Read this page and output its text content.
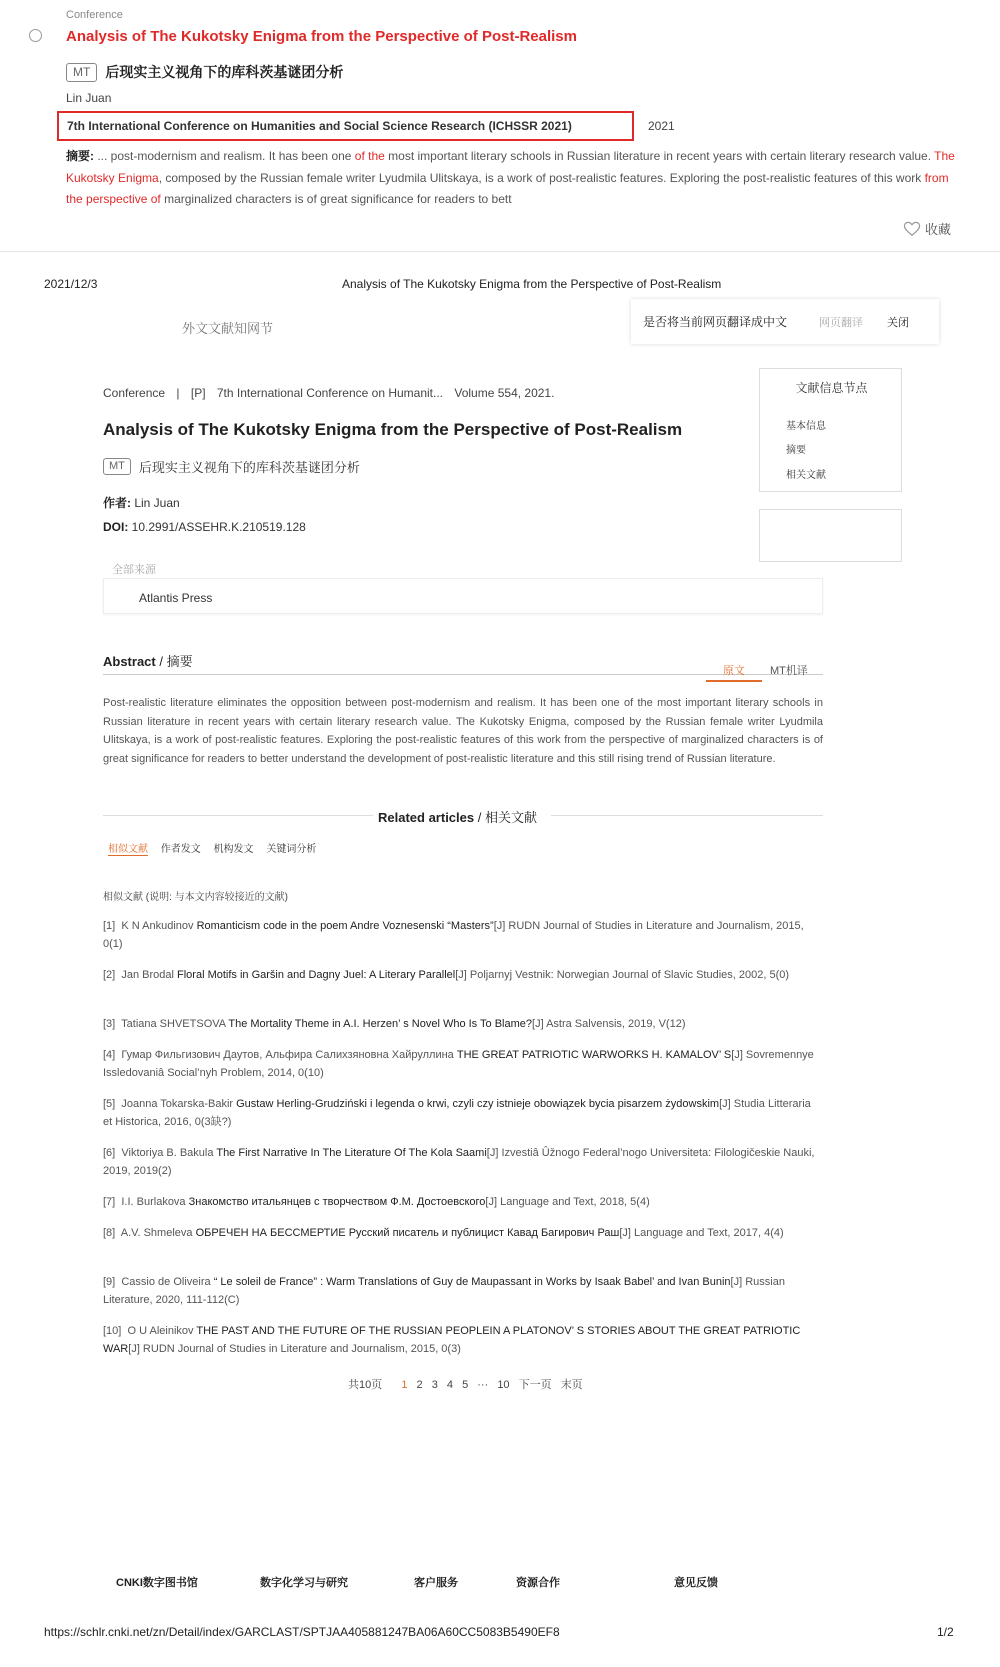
Conference
Analysis of The Kukotsky Enigma from the Perspective of Post-Realism
MT	后现实主义视角下的库科茨基谜团分析
Lin Juan
7th International Conference on Humanities and Social Science Research (ICHSSR 2021)	2021
摘要: ... post-modernism and realism. It has been one of the most important literary schools in Russian literature in recent years with certain literary research value. The Kukotsky Enigma, composed by the Russian female writer Lyudmila Ulitskaya, is a work of post-realistic features. Exploring the post-realistic features of this work from the perspective of marginalized characters is of great significance for readers to bett
收藏
2021/12/3	Analysis of The Kukotsky Enigma from the Perspective of Post-Realism
外文文献知网节	是否将当前网页翻译成中文	网页翻译 关闭
Conference | [P] 7th International Conference on Humanit... Volume 554, 2021.
Analysis of The Kukotsky Enigma from the Perspective of Post-Realism
MT	后现实主义视角下的库科茨基谜团分析
作者: Lin Juan
DOI: 10.2991/ASSEHR.K.210519.128
文献信息节点
基本信息
摘要
相关文献
全部来源
Atlantis Press
Abstract / 摘要
原文	MT机译
Post-realistic literature eliminates the opposition between post-modernism and realism. It has been one of the most important literary schools in Russian literature in recent years with certain literary research value. The Kukotsky Enigma, composed by the Russian female writer Lyudmila Ulitskaya, is a work of post-realistic features. Exploring the post-realistic features of this work from the perspective of marginalized characters is of great significance for readers to better understand the development of post-realistic literature and this still rising trend of Russian literature.
Related articles / 相关文献
相似文献 作者发文 机构发文 关键词分析
相似文献 (说明: 与本文内容较接近的文献)
[1] K N Ankudinov Romanticism code in the poem Andre Voznesenski “Masters”[J] RUDN Journal of Studies in Literature and Journalism, 2015, 0(1)
[2] Jan Brodal Floral Motifs in Garšin and Dagny Juel: A Literary Parallel[J] Poljarnyj Vestnik: Norwegian Journal of Slavic Studies, 2002, 5(0)
[3] Tatiana SHVETSOVA The Mortality Theme in A.I. Herzen’ s Novel Who Is To Blame?[J] Astra Salvensis, 2019, V(12)
[4] Гумар Фильгизович Даутов, Альфира Салихзяновна Хайруллина THE GREAT PATRIOTIC WARWORKS H. KAMALOV’ S[J] Sovremennye Issledovaniâ Social’nyh Problem, 2014, 0(10)
[5] Joanna Tokarska-Bakir Gustaw Herling-Grudziński i legenda o krwi, czyli czy istnieje obowiązek bycia pisarzem żydowskim[J] Studia Litteraria et Historica, 2016, 0(3缺?)
[6] Viktoriya B. Bakula The First Narrative In The Literature Of The Kola Saami[J] Izvestiâ Ûžnogo Federal’nogo Universiteta: Filologičeskie Nauki, 2019, 2019(2)
[7] I.I. Burlakova Знакомство итальянцев с творчеством Ф.М. Достоевского[J] Language and Text, 2018, 5(4)
[8] A.V. Shmeleva ОБРЕЧЕН НА БЕССМЕРТИЕ Русский писатель и публицист Кавад Багирович Раш[J] Language and Text, 2017, 4(4)
[9] Cassio de Oliveira “ Le soleil de France” : Warm Translations of Guy de Maupassant in Works by Isaak Babel’ and Ivan Bunin[J] Russian Literature, 2020, 111-112(C)
[10] O U Aleinikov THE PAST AND THE FUTURE OF THE RUSSIAN PEOPLEIN A PLATONOV’ S STORIES ABOUT THE GREAT PATRIOTIC WAR[J] RUDN Journal of Studies in Literature and Journalism, 2015, 0(3)
共10页 1 2 3 4 5 ··· 10 下一页 末页
CNKI数字图书馆	数字化学习与研究	客户服务	资源合作	意见反馈
https://schlr.cnki.net/zn/Detail/index/GARCLAST/SPTJAA405881247BA06A60CC5083B5490EF8	1/2
